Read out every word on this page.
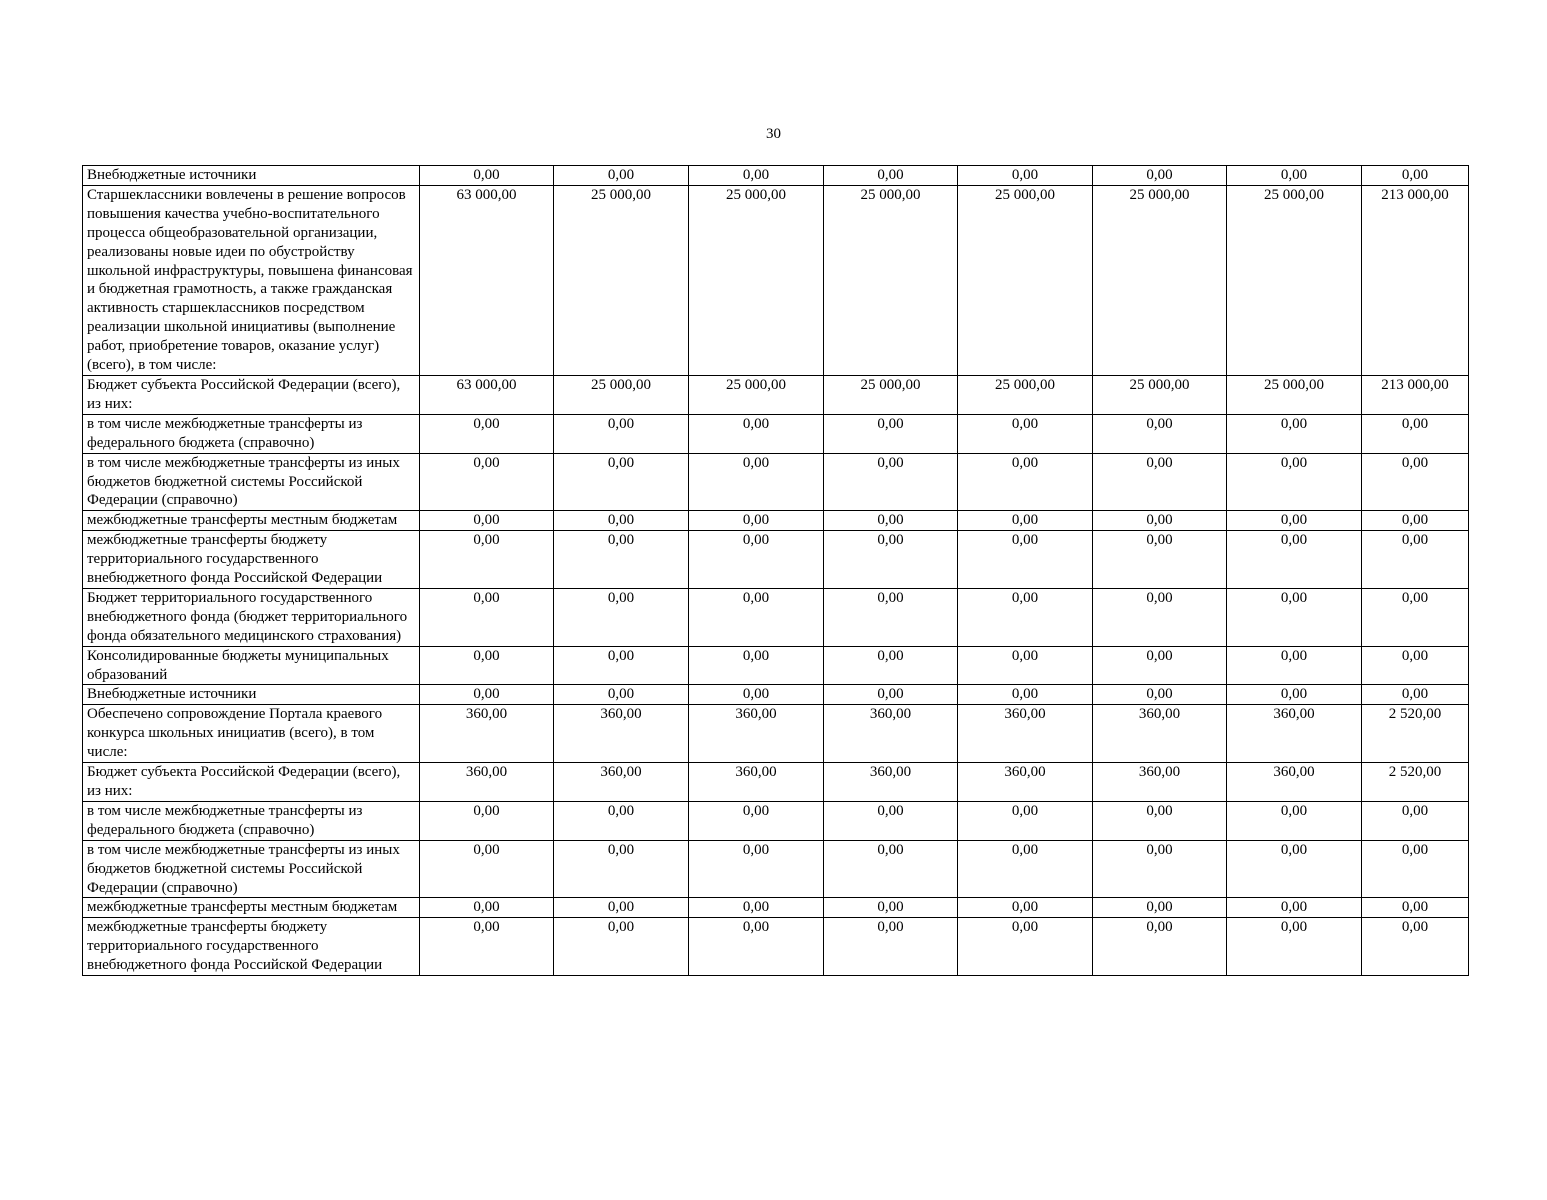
30
Внебюджетные источники	0,00	0,00	0,00	0,00	0,00	0,00	0,00	0,00
Старшеклассники вовлечены в решение вопросов повышения качества учебно-воспитательного процесса общеобразовательной организации, реализованы новые идеи по обустройству школьной инфраструктуры, повышена финансовая и бюджетная грамотность, а также гражданская активность старшеклассников посредством реализации школьной инициативы (выполнение работ, приобретение товаров, оказание услуг) (всего), в том числе:	63 000,00	25 000,00	25 000,00	25 000,00	25 000,00	25 000,00	25 000,00	213 000,00
Бюджет субъекта Российской Федерации (всего), из них:	63 000,00	25 000,00	25 000,00	25 000,00	25 000,00	25 000,00	25 000,00	213 000,00
в том числе межбюджетные трансферты из федерального бюджета (справочно)	0,00	0,00	0,00	0,00	0,00	0,00	0,00	0,00
в том числе межбюджетные трансферты из иных бюджетов бюджетной системы Российской Федерации (справочно)	0,00	0,00	0,00	0,00	0,00	0,00	0,00	0,00
межбюджетные трансферты местным бюджетам	0,00	0,00	0,00	0,00	0,00	0,00	0,00	0,00
межбюджетные трансферты бюджету территориального государственного внебюджетного фонда Российской Федерации	0,00	0,00	0,00	0,00	0,00	0,00	0,00	0,00
Бюджет территориального государственного внебюджетного фонда (бюджет территориального фонда обязательного медицинского страхования)	0,00	0,00	0,00	0,00	0,00	0,00	0,00	0,00
Консолидированные бюджеты муниципальных образований	0,00	0,00	0,00	0,00	0,00	0,00	0,00	0,00
Внебюджетные источники	0,00	0,00	0,00	0,00	0,00	0,00	0,00	0,00
Обеспечено сопровождение Портала краевого конкурса школьных инициатив (всего), в том числе:	360,00	360,00	360,00	360,00	360,00	360,00	360,00	2 520,00
Бюджет субъекта Российской Федерации (всего), из них:	360,00	360,00	360,00	360,00	360,00	360,00	360,00	2 520,00
в том числе межбюджетные трансферты из федерального бюджета (справочно)	0,00	0,00	0,00	0,00	0,00	0,00	0,00	0,00
в том числе межбюджетные трансферты из иных бюджетов бюджетной системы Российской Федерации (справочно)	0,00	0,00	0,00	0,00	0,00	0,00	0,00	0,00
межбюджетные трансферты местным бюджетам	0,00	0,00	0,00	0,00	0,00	0,00	0,00	0,00
межбюджетные трансферты бюджету территориального государственного внебюджетного фонда Российской Федерации	0,00	0,00	0,00	0,00	0,00	0,00	0,00	0,00
